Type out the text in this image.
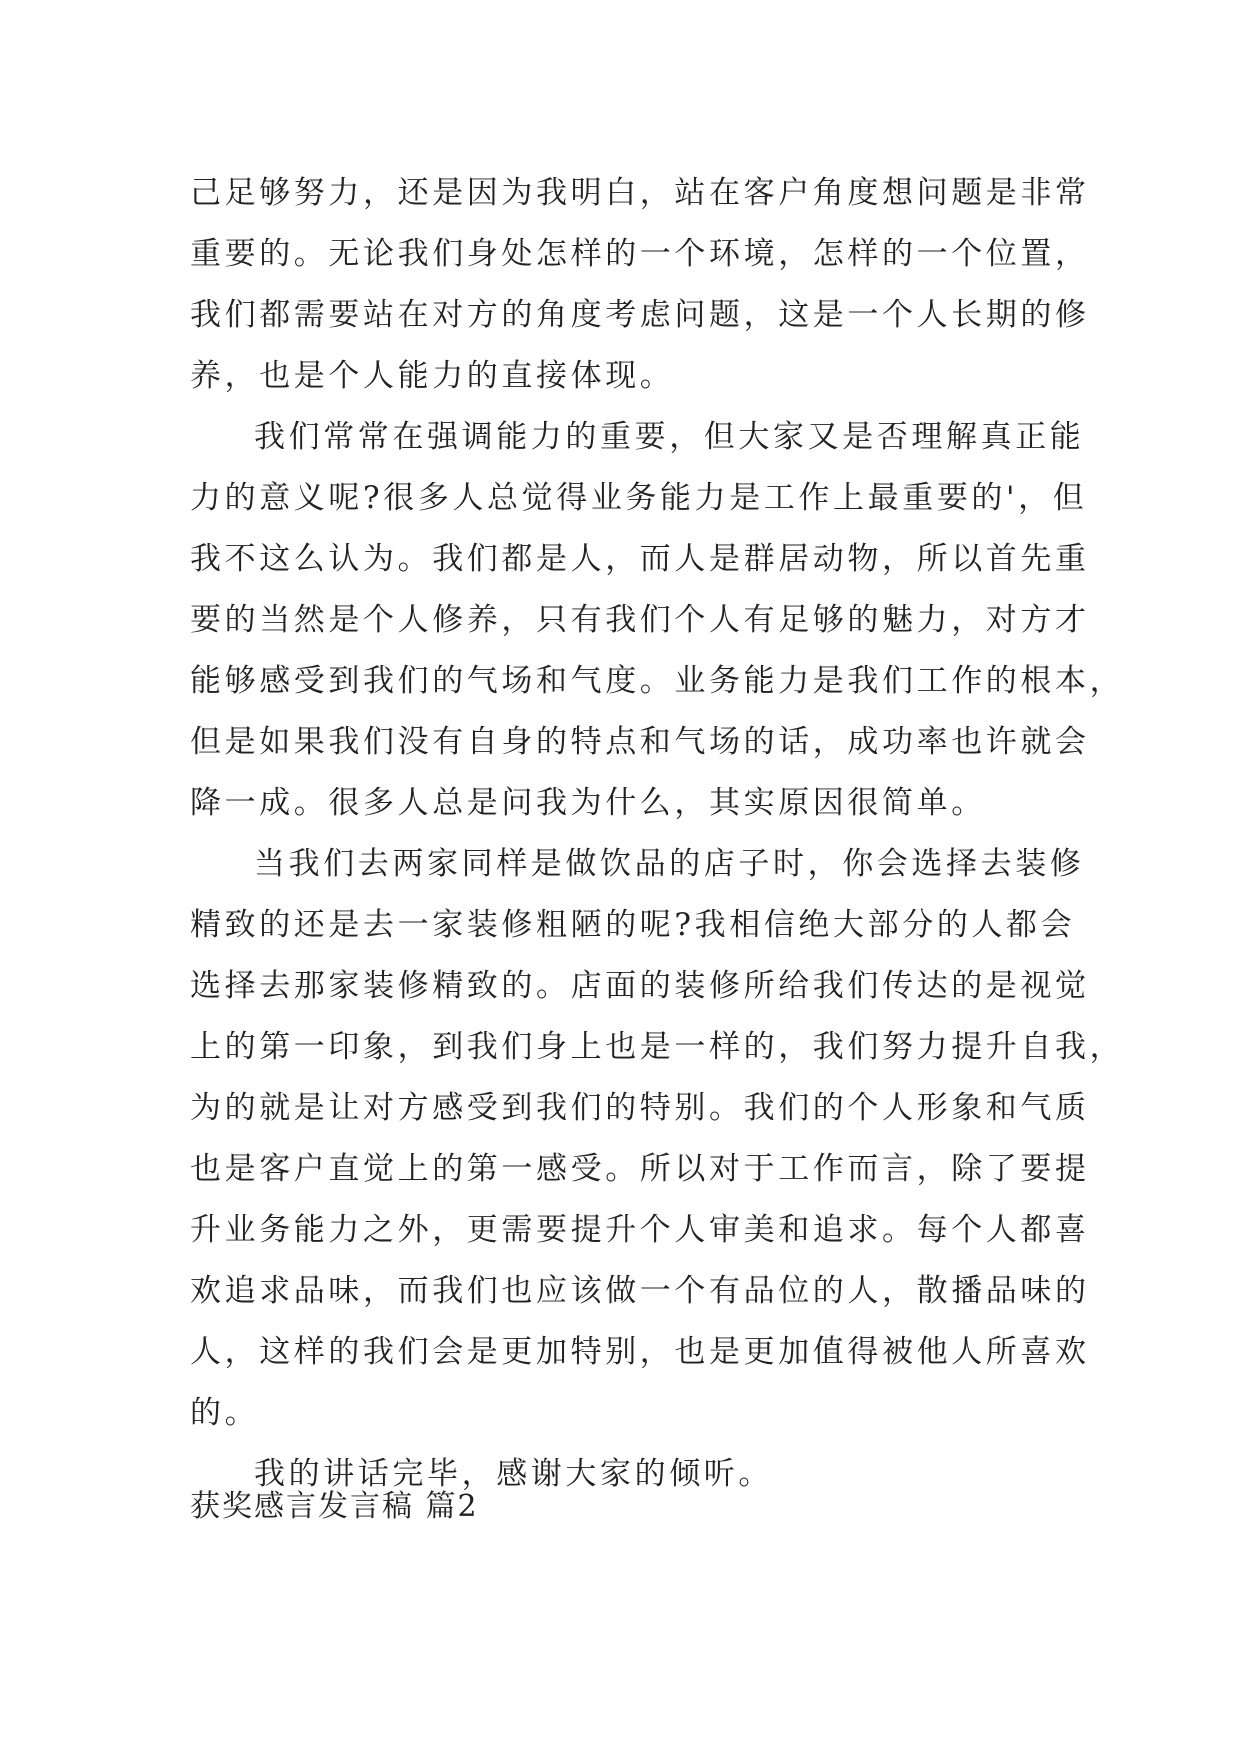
己足够努力，还是因为我明白，站在客户角度想问题是非常
重要的。无论我们身处怎样的一个环境，怎样的一个位置，
我们都需要站在对方的角度考虑问题，这是一个人长期的修
养，也是个人能力的直接体现。
我们常常在强调能力的重要，但大家又是否理解真正能
力的意义呢?很多人总觉得业务能力是工作上最重要的'，但
我不这么认为。我们都是人，而人是群居动物，所以首先重
要的当然是个人修养，只有我们个人有足够的魅力，对方才
能够感受到我们的气场和气度。业务能力是我们工作的根本，
但是如果我们没有自身的特点和气场的话，成功率也许就会
降一成。很多人总是问我为什么，其实原因很简单。
当我们去两家同样是做饮品的店子时，你会选择去装修
精致的还是去一家装修粗陋的呢?我相信绝大部分的人都会
选择去那家装修精致的。店面的装修所给我们传达的是视觉
上的第一印象，到我们身上也是一样的，我们努力提升自我，
为的就是让对方感受到我们的特别。我们的个人形象和气质
也是客户直觉上的第一感受。所以对于工作而言，除了要提
升业务能力之外，更需要提升个人审美和追求。每个人都喜
欢追求品味，而我们也应该做一个有品位的人，散播品味的
人，这样的我们会是更加特别，也是更加值得被他人所喜欢
的。
我的讲话完毕，感谢大家的倾听。
获奖感言发言稿 篇2
